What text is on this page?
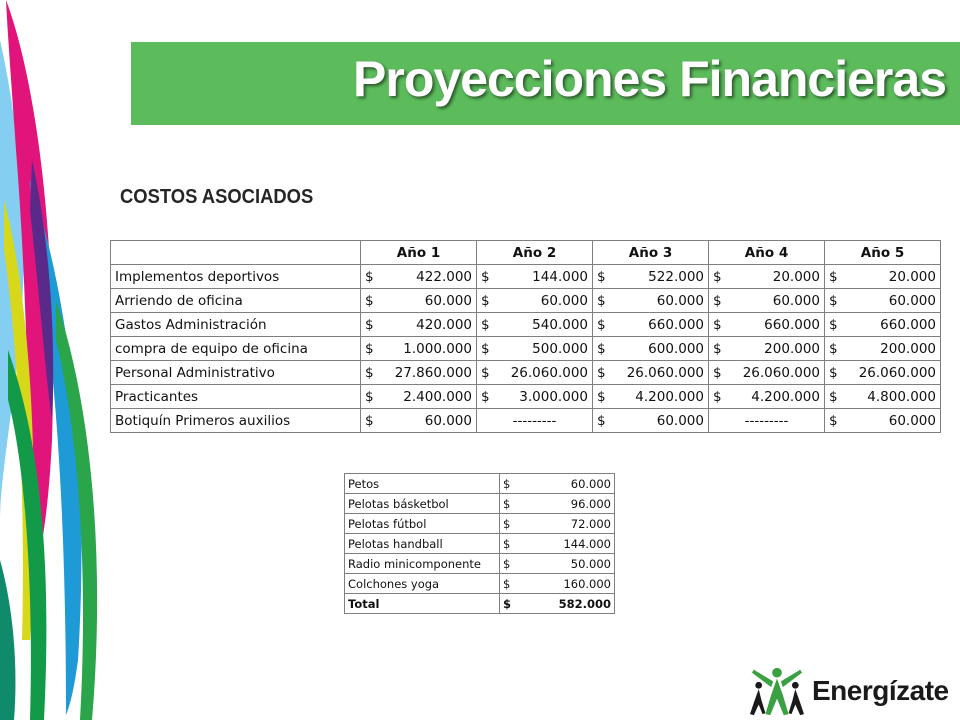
Proyecciones Financieras
COSTOS ASOCIADOS
	Año 1		Año 2		Año 3		Año 4		Año 5	
Implementos deportivos	$	422.000	$	144.000	$	522.000	$	20.000	$	20.000
Arriendo de oficina	$	60.000	$	60.000	$	60.000	$	60.000	$	60.000
Gastos Administración	$	420.000	$	540.000	$	660.000	$	660.000	$	660.000
compra de equipo de oficina	$	1.000.000	$	500.000	$	600.000	$	200.000	$	200.000
Personal Administrativo	$	27.860.000	$	26.060.000	$	26.060.000	$	26.060.000	$	26.060.000
Practicantes	$	2.400.000	$	3.000.000	$	4.200.000	$	4.200.000	$	4.800.000
Botiquín Primeros auxilios	$	60.000	---------		$	60.000	---------		$	60.000
Petos	$	60.000
Pelotas básketbol	$	96.000
Pelotas fútbol	$	72.000
Pelotas handball	$	144.000
Radio minicomponente	$	50.000
Colchones yoga	$	160.000
Total	$	582.000
Energízate
